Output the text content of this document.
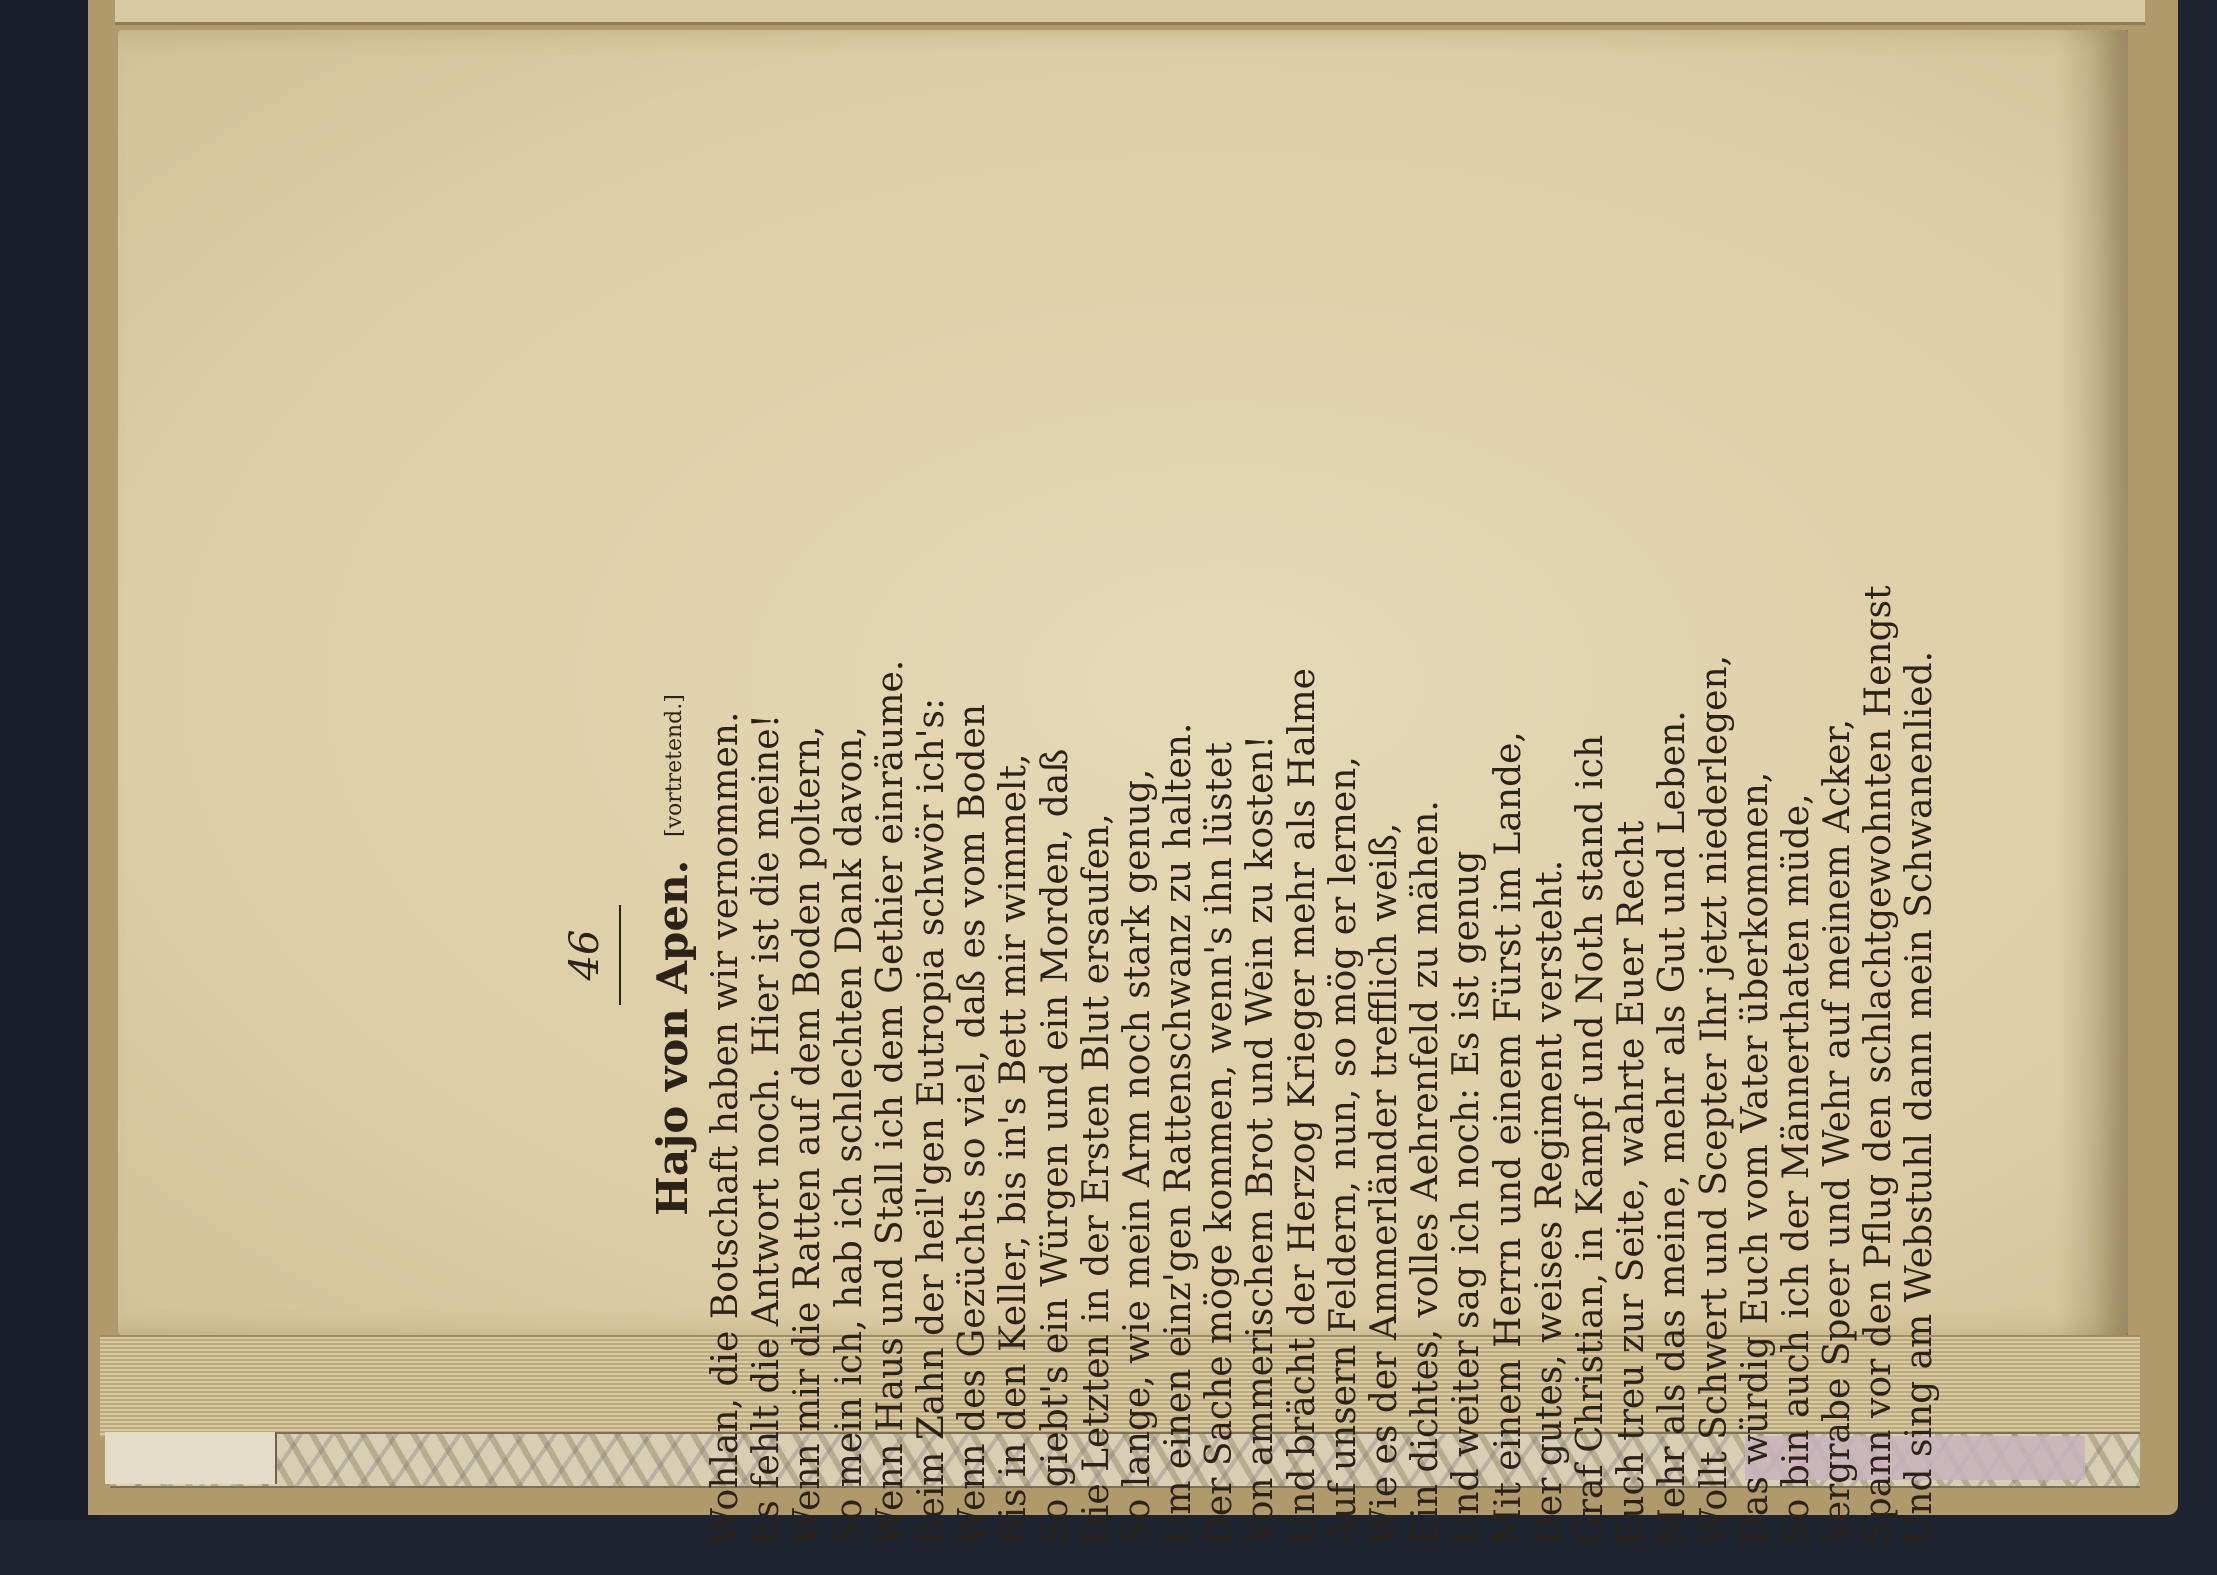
46 Hajo von Apen. [vortretend.] Wohlan, die Botschaft haben wir vernommen. Es fehlt die Antwort noch. Hier ist die meine! Wenn mir die Ratten auf dem Boden poltern, So mein ich, hab ich schlechten Dank davon, Wenn Haus und Stall ich dem Gethier einräume. Beim Zahn der heil'gen Eutropia schwör ich's: Wenn des Gezüchts so viel, daß es vom Boden Bis in den Keller, bis in's Bett mir wimmelt, So giebt's ein Würgen und ein Morden, daß Die Letzten in der Ersten Blut ersaufen, So lange, wie mein Arm noch stark genug, Um einen einz'gen Rattenschwanz zu halten. Der Sache möge kommen, wenn's ihn lüstet Von ammerischem Brot und Wein zu kosten! Und brächt der Herzog Krieger mehr als Halme Auf unsern Feldern, nun, so mög er lernen, Wie es der Ammerländer trefflich weiß, Ein dichtes, volles Aehrenfeld zu mähen. Und weiter sag ich noch: Es ist genug Mit einem Herrn und einem Fürst im Lande, Der gutes, weises Regiment versteht. Graf Christian, in Kampf und Noth stand ich Euch treu zur Seite, wahrte Euer Recht Mehr als das meine, mehr als Gut und Leben. Wollt Schwert und Scepter Ihr jetzt niederlegen, Das würdig Euch vom Vater überkommen, So bin auch ich der Männerthaten müde, Vergrabe Speer und Wehr auf meinem Acker, Spann vor den Pflug den schlachtgewohnten Hengst Und sing am Webstuhl dann mein Schwanenlied.
